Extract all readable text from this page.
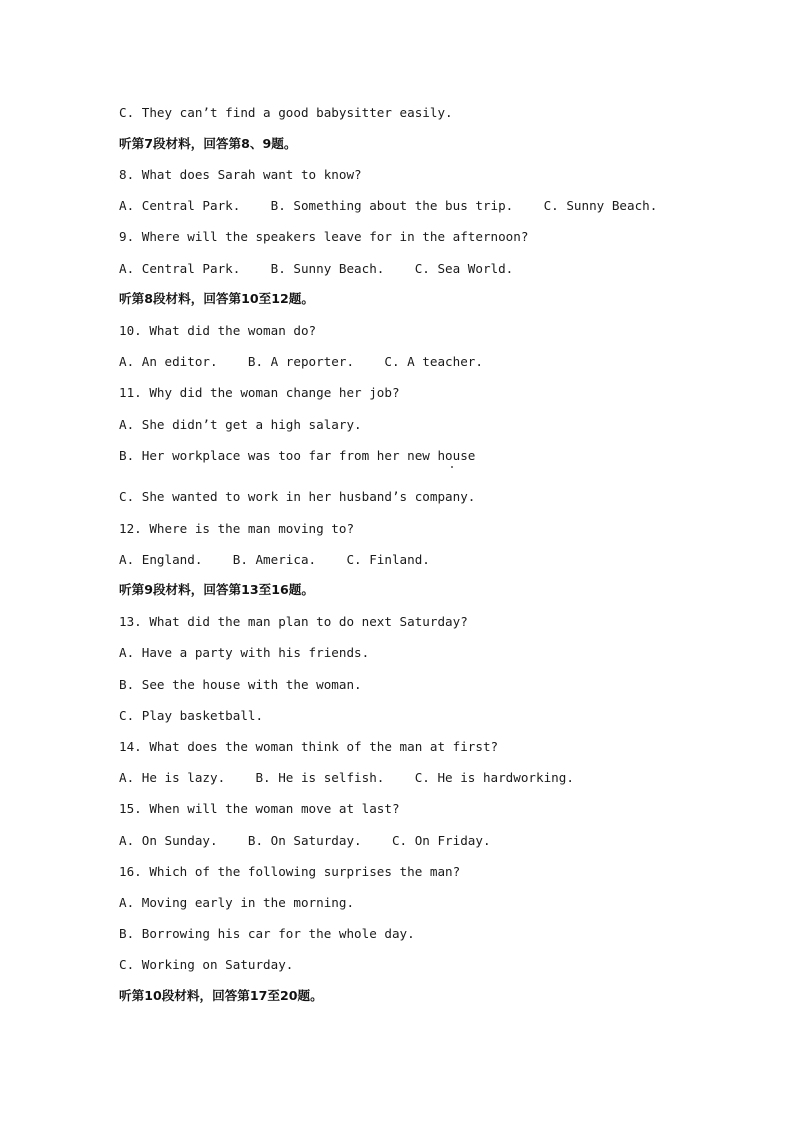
C. They can’t find a good babysitter easily.
听第7段材料，回答第8、9题。
8. What does Sarah want to know?
A. Central Park.    B. Something about the bus trip.    C. Sunny Beach.
9. Where will the speakers leave for in the afternoon?
A. Central Park.    B. Sunny Beach.    C. Sea World.
听第8段材料，回答第10至12题。
10. What did the woman do?
A. An editor.    B. A reporter.    C. A teacher.
11. Why did the woman change her job?
A. She didn’t get a high salary.
B. Her workplace was too far from her new house
C. She wanted to work in her husband’s company.
12. Where is the man moving to?
A. England.    B. America.    C. Finland.
听第9段材料，回答第13至16题。
13. What did the man plan to do next Saturday?
A. Have a party with his friends.
B. See the house with the woman.
C. Play basketball.
14. What does the woman think of the man at first?
A. He is lazy.    B. He is selfish.    C. He is hardworking.
15. When will the woman move at last?
A. On Sunday.    B. On Saturday.    C. On Friday.
16. Which of the following surprises the man?
A. Moving early in the morning.
B. Borrowing his car for the whole day.
C. Working on Saturday.
听第10段材料，回答第17至20题。
